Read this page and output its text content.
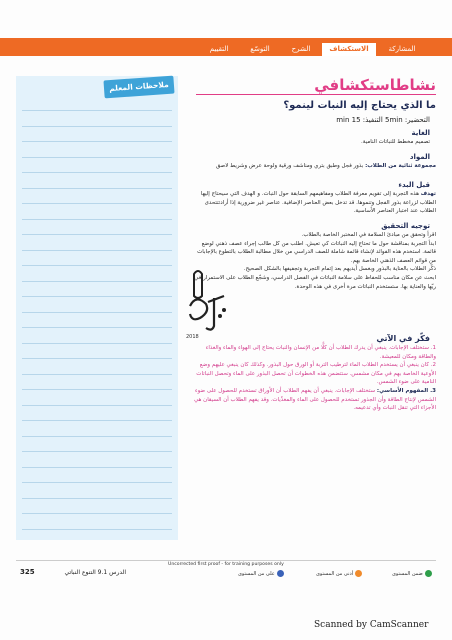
المشاركة
الاستكشاف
الشرح
التوسّع
التقييم
ملاحظات المعلم	نشاطاستكشافي
ما الذي يحتاج إليه النبات لينمو؟
التحضير: 5min التنفيذ: 15 min
الغاية
تصميم مخطط للنباتات النامية.
المواد
مجموعة ثنائية من الطلاب: بذور فجل وطبق بتري ومناشف ورقية ولوحة عرض وشريط لاصق
قبل البدء
تهدف هذه التجربة إلى تقويم معرفة الطلاب ومفاهيمهم السابقة حول النبات. و الهدف التي سيحتاج إليها الطلاب لزراعة بذور الفجل وتنموها. قد تدخل بعض العناصر الإضافية. عناصر غير ضرورية إذا أرادتتتحدى الطلاب عند اختبار العناصر الأساسية.
توجيه التحقيق
اقرأ وتحقق من مبادئ السلامة في المختبر الخاصة بالطلاب.
ابدأ التجربة بمناقشة حول ما تحتاج إليه النباتات كي تعيش. اطلب من كل طالب إجراء عصف ذهني لوضع قائمة. استخدم هذه الفوائد لإنشاء قائمة شاملة للصف الدراسي من خلال مطالبة الطلاب بالتطوع بالإجابات من قوائم العصف الذهني الخاصة بهم.
ذكّر الطلاب بالعناية بالبذور وبغسل أيديهم بعد إتمام التجربة وتجفيفها بالشكل الصحيح.
ابحث عن مكان مناسب للحفاظ على سلامة النباتات في الفصل الدراسي، وشجّع الطلاب على الاستمرار في ريّها والعناية بها. ستستخدم النباتات مرة أخرى في هذه الوحدة.
فكّر في الآتي
1. ستختلف الإجابات. ينبغي أن يدرك الطلاب أن كلًّا من الإنسان والنبات يحتاج إلى الهواء والماء والغذاء والطاقة ومكان للمعيشة.
2. كان ينبغي أن يستخدم الطلاب الماء لترطيب التربة أو الورق حول البذور. وكذلك كان ينبغي عليهم وضع الأوعية الخاصة بهم في مكان مشمس. ستتضمن هذه الخطوات أن تحصل البذور على الماء وتحصل النباتات النامية على ضوء الشمس.
3. المفهوم الأساسي: ستختلف الإجابات. ينبغي أن يفهم الطلاب أن الأوراق تستخدم للحصول على ضوء الشمس لإنتاج الطاقة وأن الجذور تستخدم للحصول على الماء والمغذّيات. وقد يفهم الطلاب أن السيقان هي الأجزاء التي تنقل النبات وأي تدعيمه.
2018
Uncorrected first proof - for training purposes only
325	الدرس 9.1 التنوع النباتي	ضمن المستوى
أدنى من المستوى
على من المستوى
Scanned by CamScanner
